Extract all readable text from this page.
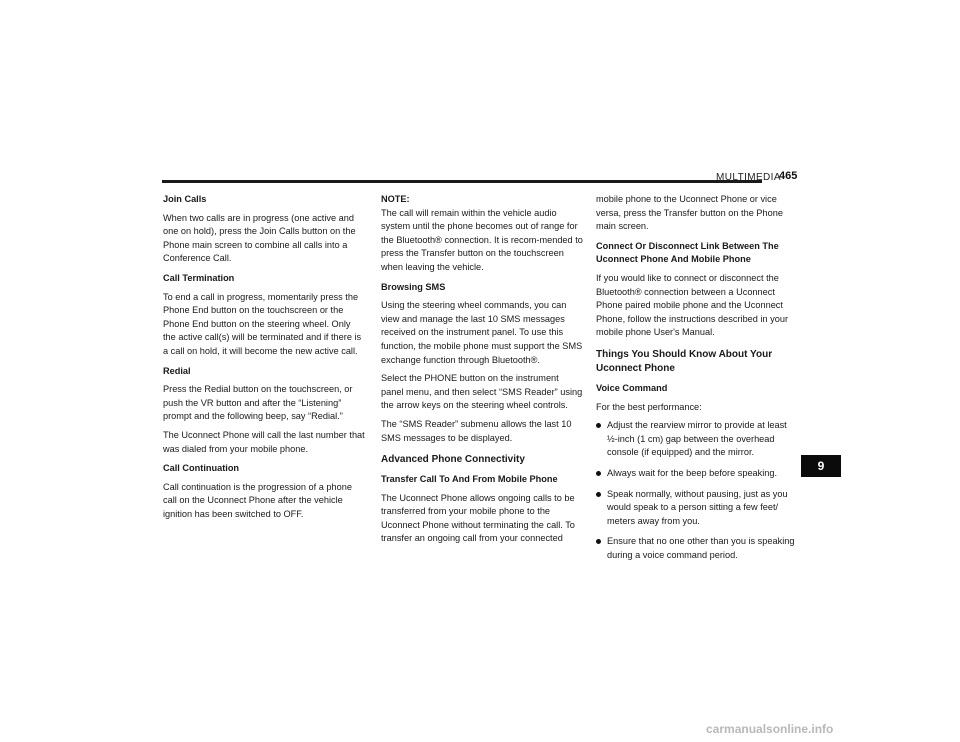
MULTIMEDIA
465
Join Calls

When two calls are in progress (one active and one on hold), press the Join Calls button on the Phone main screen to combine all calls into a Conference Call.

Call Termination

To end a call in progress, momentarily press the Phone End button on the touchscreen or the Phone End button on the steering wheel. Only the active call(s) will be terminated and if there is a call on hold, it will become the new active call.

Redial

Press the Redial button on the touchscreen, or push the VR button and after the “Listening” prompt and the following beep, say “Redial.”

The Uconnect Phone will call the last number that was dialed from your mobile phone.

Call Continuation

Call continuation is the progression of a phone call on the Uconnect Phone after the vehicle ignition has been switched to OFF.

NOTE:
The call will remain within the vehicle audio system until the phone becomes out of range for the Bluetooth® connection. It is recom-mended to press the Transfer button on the touchscreen when leaving the vehicle.

Browsing SMS

Using the steering wheel commands, you can view and manage the last 10 SMS messages received on the instrument panel. To use this function, the mobile phone must support the SMS exchange function through Bluetooth®.

Select the PHONE button on the instrument panel menu, and then select “SMS Reader” using the arrow keys on the steering wheel controls.

The “SMS Reader” submenu allows the last 10 SMS messages to be displayed.

Advanced Phone Connectivity
Transfer Call To And From Mobile Phone

The Uconnect Phone allows ongoing calls to be transferred from your mobile phone to the Uconnect Phone without terminating the call. To transfer an ongoing call from your connected

mobile phone to the Uconnect Phone or vice versa, press the Transfer button on the Phone main screen.

Connect Or Disconnect Link Between The Uconnect Phone And Mobile Phone

If you would like to connect or disconnect the Bluetooth® connection between a Uconnect Phone paired mobile phone and the Uconnect Phone, follow the instructions described in your mobile phone User's Manual.

Things You Should Know About Your Uconnect Phone
Voice Command

For the best performance:

Adjust the rearview mirror to provide at least ½-inch (1 cm) gap between the overhead console (if equipped) and the mirror.
Always wait for the beep before speaking.
Speak normally, without pausing, just as you would speak to a person sitting a few feet/ meters away from you.
Ensure that no one other than you is speaking during a voice command period.
9
carmanualsonline.info
